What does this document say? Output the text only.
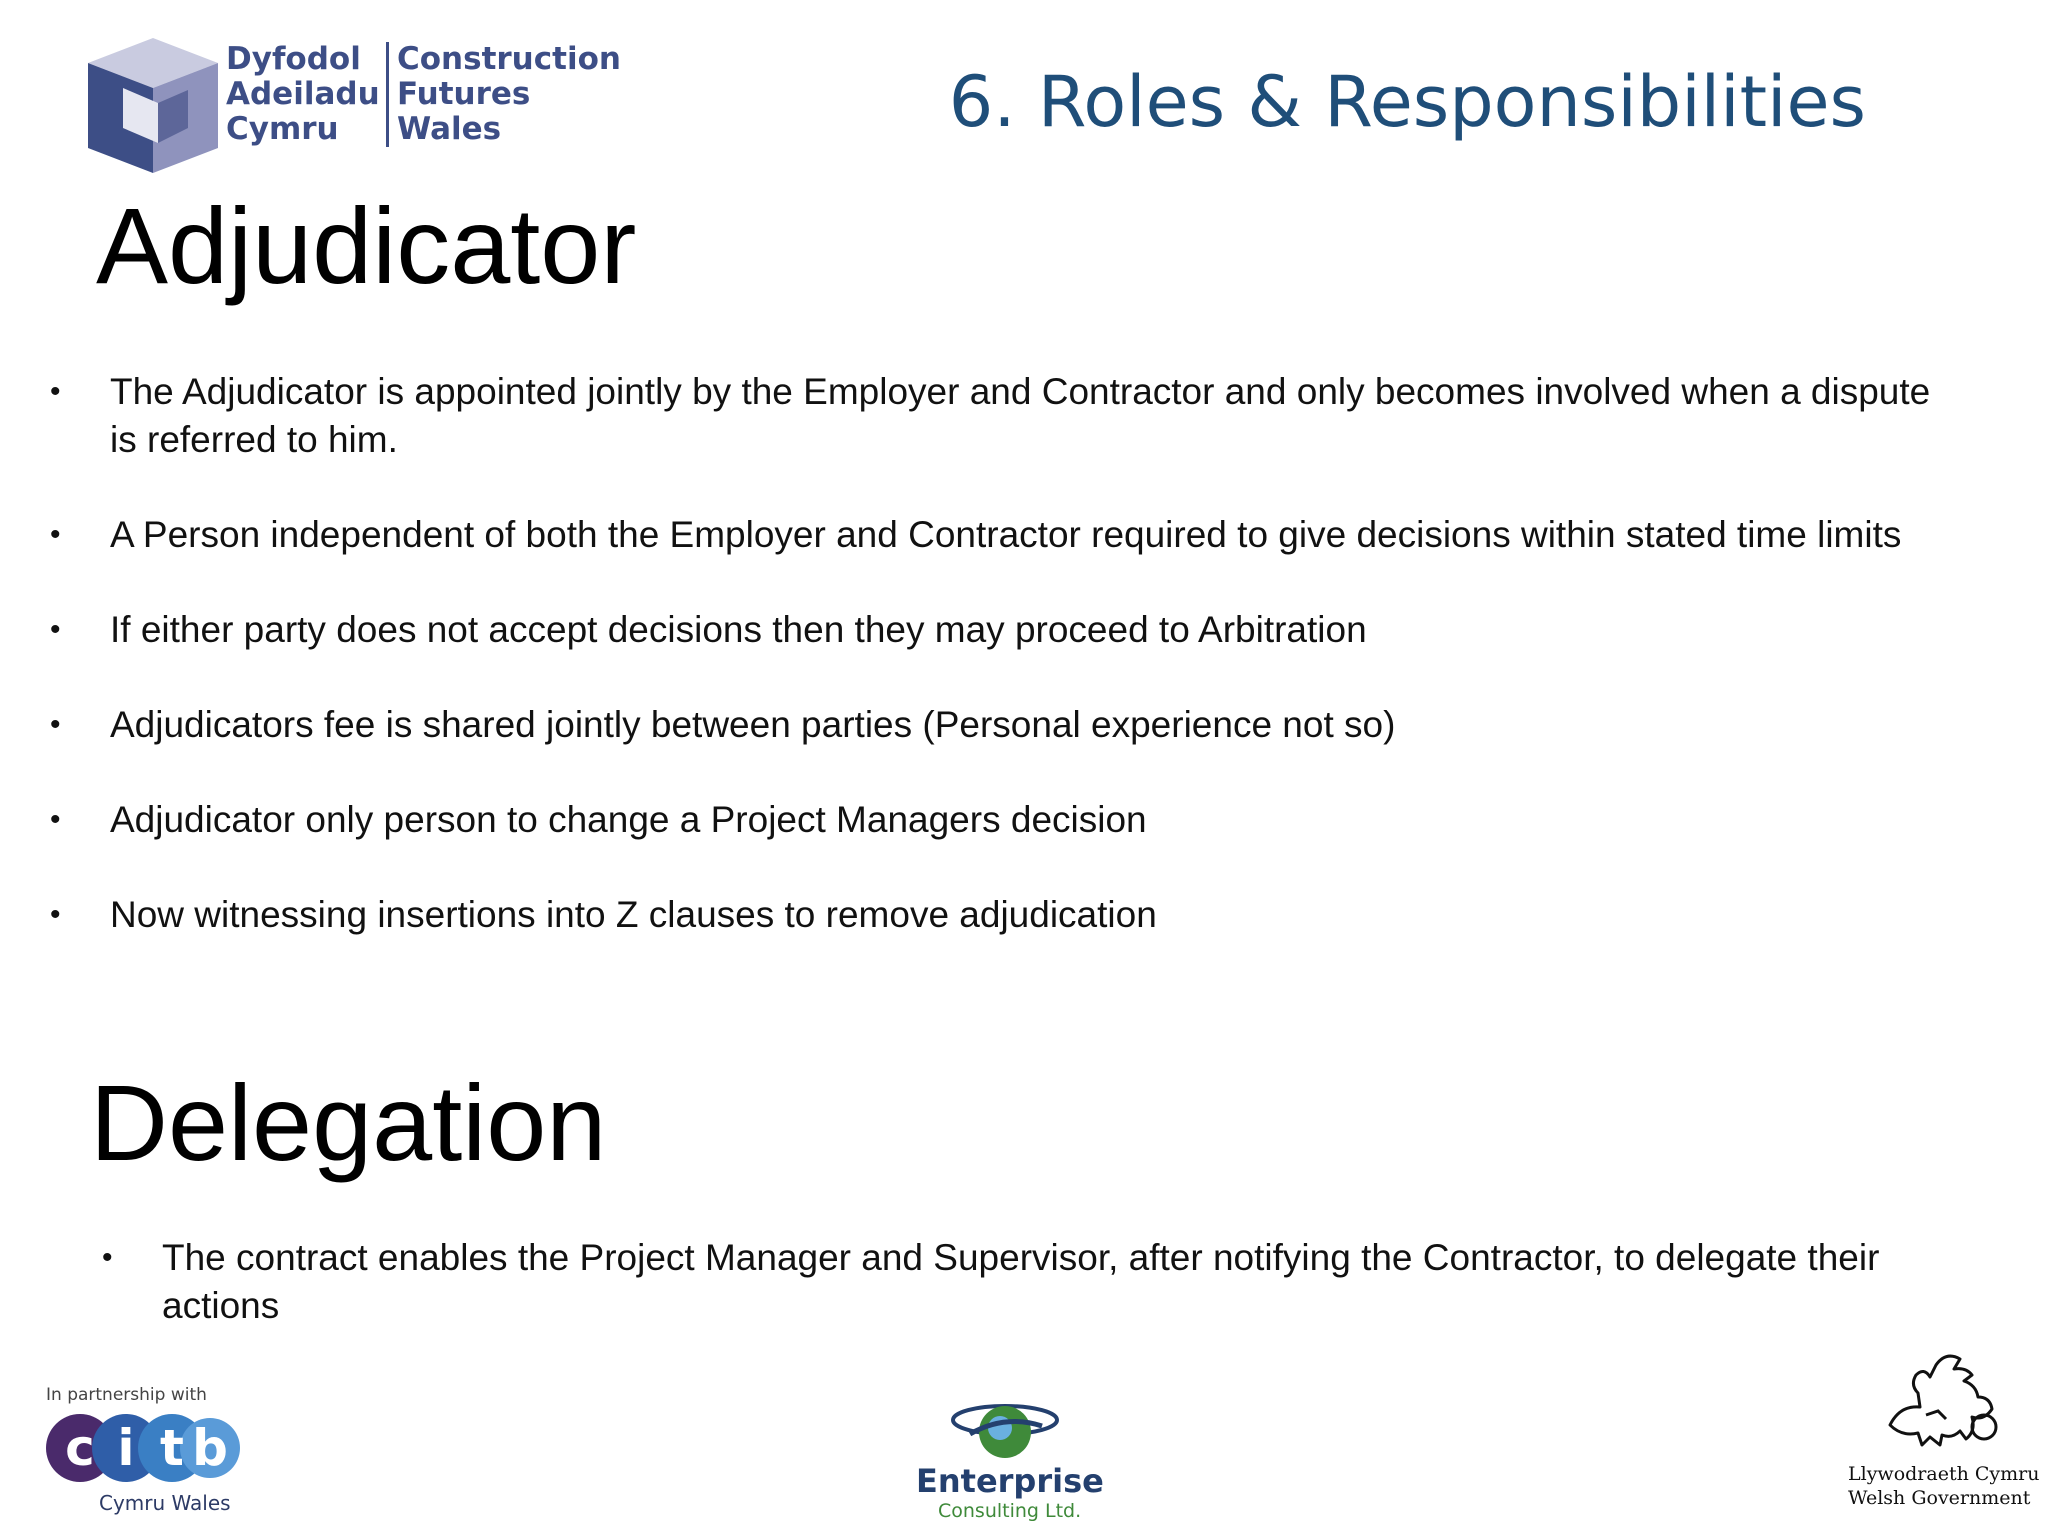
Dyfodol
Adeiladu
Cymru
Construction
Futures
Wales	6. Roles & Responsibilities
Adjudicator
• The Adjudicator is appointed jointly by the Employer and Contractor and only becomes involved when a dispute is referred to him.
• A Person independent of both the Employer and Contractor required to give decisions within stated time limits
• If either party does not accept decisions then they may proceed to Arbitration
• Adjudicators fee is shared jointly between parties (Personal experience not so)
• Adjudicator only person to change a Project Managers decision
• Now witnessing insertions into Z clauses to remove adjudication
Delegation
• The contract enables the Project Manager and Supervisor, after notifying the Contractor, to delegate their actions
In partnership with
c i t b
Cymru Wales
Enterprise
Consulting Ltd.
Llywodraeth Cymru
Welsh Government
